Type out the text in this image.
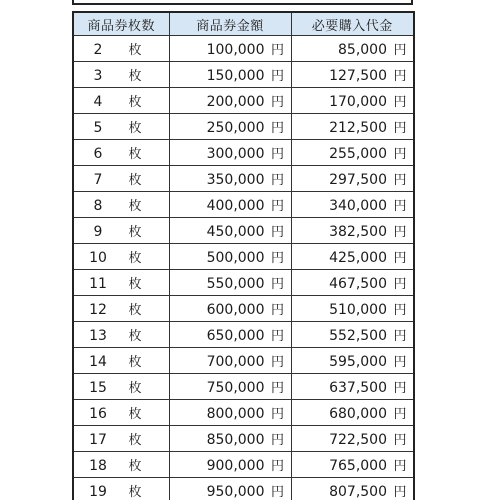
商品券枚数	商品券金額	必要購入代金
2 枚	100,000 円	85,000 円
3 枚	150,000 円	127,500 円
4 枚	200,000 円	170,000 円
5 枚	250,000 円	212,500 円
6 枚	300,000 円	255,000 円
7 枚	350,000 円	297,500 円
8 枚	400,000 円	340,000 円
9 枚	450,000 円	382,500 円
10 枚	500,000 円	425,000 円
11 枚	550,000 円	467,500 円
12 枚	600,000 円	510,000 円
13 枚	650,000 円	552,500 円
14 枚	700,000 円	595,000 円
15 枚	750,000 円	637,500 円
16 枚	800,000 円	680,000 円
17 枚	850,000 円	722,500 円
18 枚	900,000 円	765,000 円
19 枚	950,000 円	807,500 円
